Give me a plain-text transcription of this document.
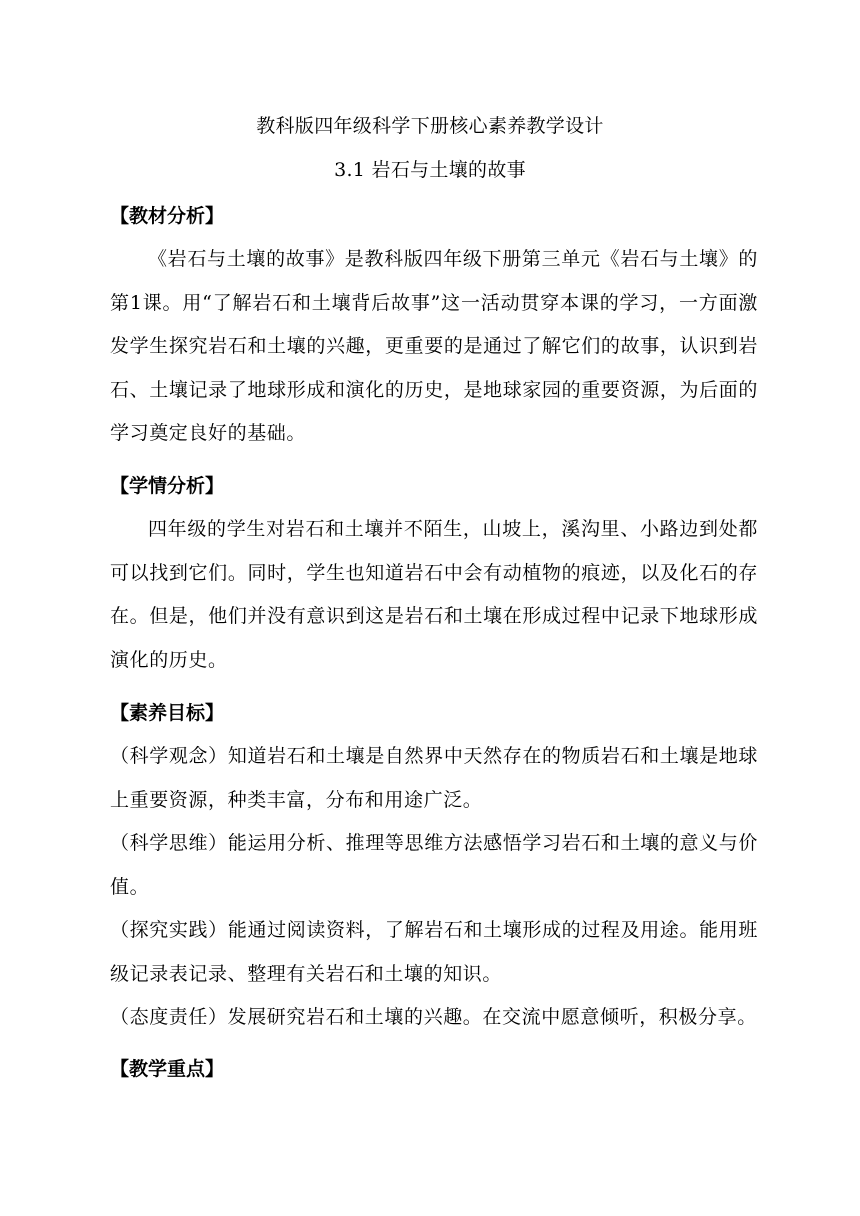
教科版四年级科学下册核心素养教学设计
3.1 岩石与土壤的故事
【教材分析】
《岩石与土壤的故事》是教科版四年级下册第三单元《岩石与土壤》的第1课。用“了解岩石和土壤背后故事”这一活动贯穿本课的学习，一方面激发学生探究岩石和土壤的兴趣，更重要的是通过了解它们的故事，认识到岩石、土壤记录了地球形成和演化的历史，是地球家园的重要资源，为后面的学习奠定良好的基础。
【学情分析】
四年级的学生对岩石和土壤并不陌生，山坡上，溪沟里、小路边到处都可以找到它们。同时，学生也知道岩石中会有动植物的痕迹，以及化石的存在。但是，他们并没有意识到这是岩石和土壤在形成过程中记录下地球形成演化的历史。
【素养目标】
（科学观念）知道岩石和土壤是自然界中天然存在的物质岩石和土壤是地球上重要资源，种类丰富，分布和用途广泛。
（科学思维）能运用分析、推理等思维方法感悟学习岩石和土壤的意义与价值。
（探究实践）能通过阅读资料，了解岩石和土壤形成的过程及用途。能用班级记录表记录、整理有关岩石和土壤的知识。
（态度责任）发展研究岩石和土壤的兴趣。在交流中愿意倾听，积极分享。
【教学重点】
